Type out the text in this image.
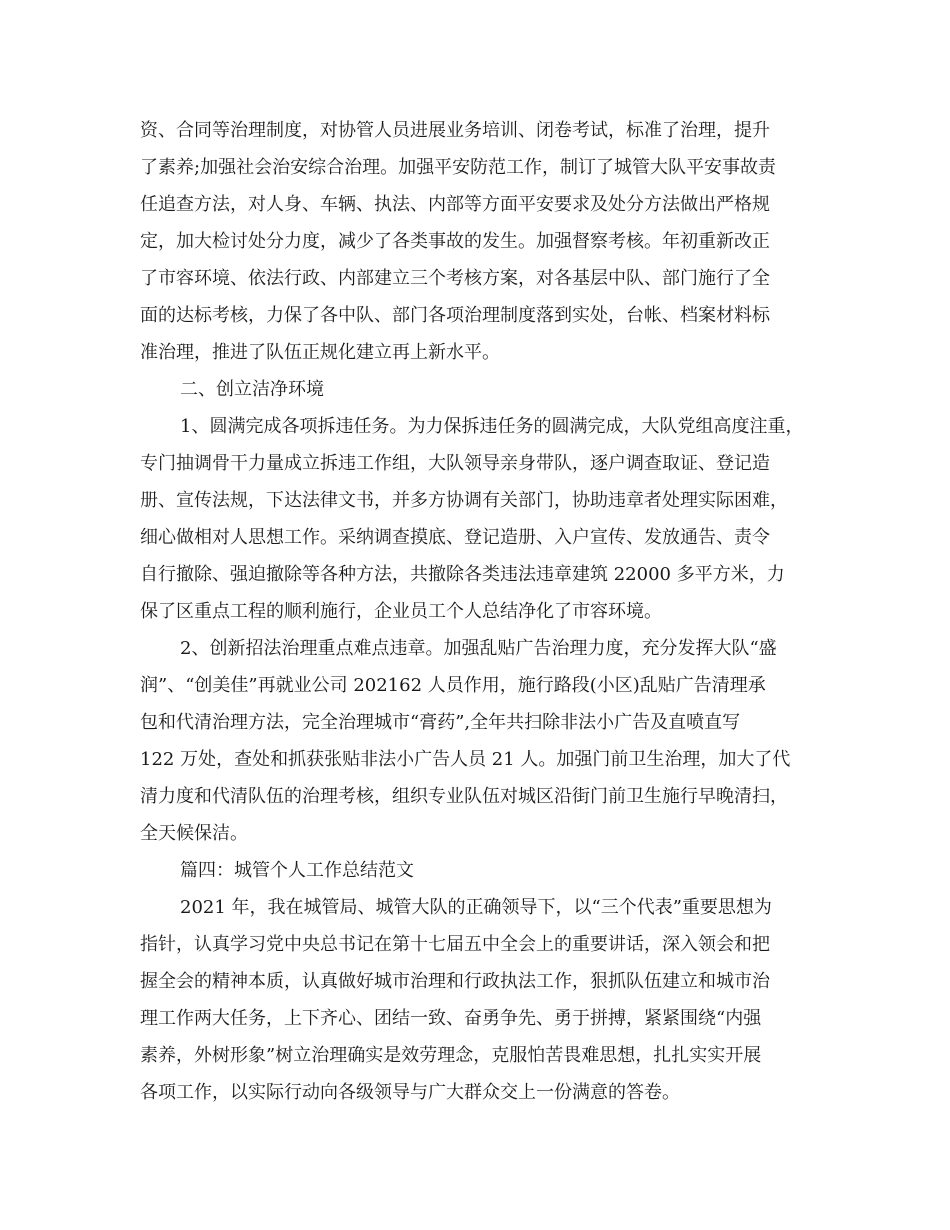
资、合同等治理制度，对协管人员进展业务培训、闭卷考试，标准了治理，提升
了素养;加强社会治安综合治理。加强平安防范工作，制订了城管大队平安事故责
任追查方法，对人身、车辆、执法、内部等方面平安要求及处分方法做出严格规
定，加大检讨处分力度，减少了各类事故的发生。加强督察考核。年初重新改正
了市容环境、依法行政、内部建立三个考核方案，对各基层中队、部门施行了全
面的达标考核，力保了各中队、部门各项治理制度落到实处，台帐、档案材料标
准治理，推进了队伍正规化建立再上新水平。
二、创立洁净环境
1、圆满完成各项拆违任务。为力保拆违任务的圆满完成，大队党组高度注重，
专门抽调骨干力量成立拆违工作组，大队领导亲身带队，逐户调查取证、登记造
册、宣传法规，下达法律文书，并多方协调有关部门，协助违章者处理实际困难，
细心做相对人思想工作。采纳调查摸底、登记造册、入户宣传、发放通告、责令
自行撤除、强迫撤除等各种方法，共撤除各类违法违章建筑 22000 多平方米，力
保了区重点工程的顺利施行，企业员工个人总结净化了市容环境。
2、创新招法治理重点难点违章。加强乱贴广告治理力度，充分发挥大队“盛
润”、“创美佳”再就业公司 202162 人员作用，施行路段(小区)乱贴广告清理承
包和代清治理方法，完全治理城市“膏药”,全年共扫除非法小广告及直喷直写
122 万处，查处和抓获张贴非法小广告人员 21 人。加强门前卫生治理，加大了代
清力度和代清队伍的治理考核，组织专业队伍对城区沿街门前卫生施行早晚清扫，
全天候保洁。
篇四：城管个人工作总结范文
2021 年，我在城管局、城管大队的正确领导下，以“三个代表”重要思想为
指针，认真学习党中央总书记在第十七届五中全会上的重要讲话，深入领会和把
握全会的精神本质，认真做好城市治理和行政执法工作，狠抓队伍建立和城市治
理工作两大任务，上下齐心、团结一致、奋勇争先、勇于拼搏，紧紧围绕“内强
素养，外树形象”树立治理确实是效劳理念，克服怕苦畏难思想，扎扎实实开展
各项工作，以实际行动向各级领导与广大群众交上一份满意的答卷。
